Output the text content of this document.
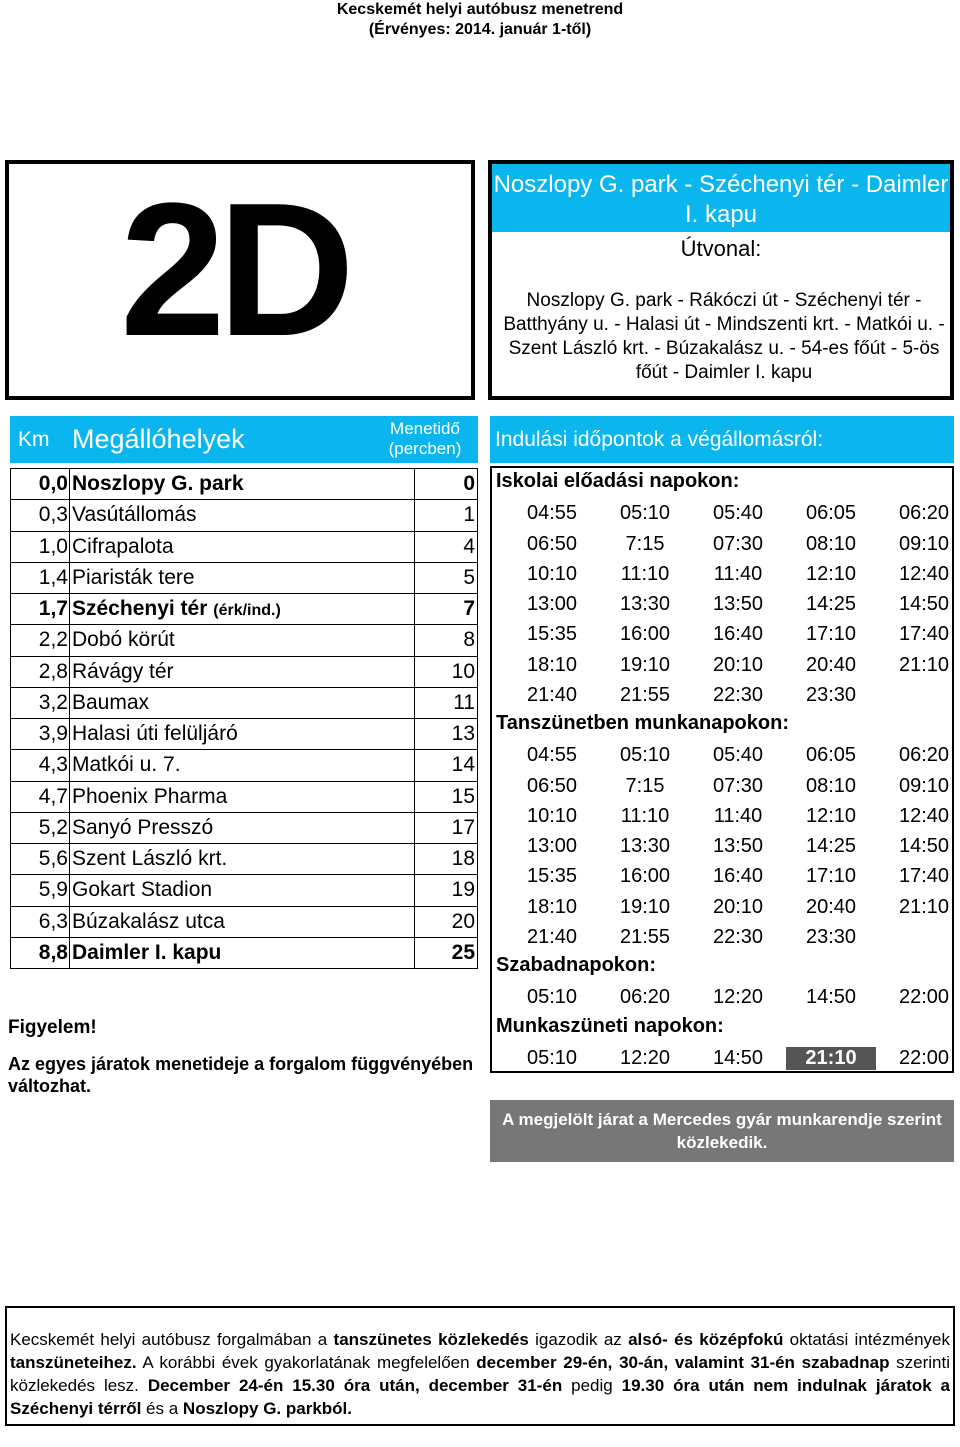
Kecskemét helyi autóbusz menetrend
(Érvényes: 2014. január 1-től)
2D	Noszlopy G. park - Széchenyi tér - Daimler I. kapu
Útvonal:
Noszlopy G. park - Rákóczi út - Széchenyi tér - Batthyány u. - Halasi út - Mindszenti krt. - Matkói u. - Szent László krt. - Búzakalász u. - 54-es főút - 5-ös főút - Daimler I. kapu
Km Megállóhelyek	Menetidő
(percben)	Indulási időpontok a végállomásról:
0,0	Noszlopy G. park	0
0,3	Vasútállomás	1
1,0	Cifrapalota	4
1,4	Piaristák tere	5
1,7	Széchenyi tér (érk/ind.)	7
2,2	Dobó körút	8
2,8	Rávágy tér	10
3,2	Baumax	11
3,9	Halasi úti felüljáró	13
4,3	Matkói u. 7.	14
4,7	Phoenix Pharma	15
5,2	Sanyó Presszó	17
5,6	Szent László krt.	18
5,9	Gokart Stadion	19
6,3	Búzakalász utca	20
8,8	Daimler I. kapu	25
Iskolai előadási napokon:
04:55	05:10	05:40	06:05	06:20
06:50	7:15	07:30	08:10	09:10
10:10	11:10	11:40	12:10	12:40
13:00	13:30	13:50	14:25	14:50
15:35	16:00	16:40	17:10	17:40
18:10	19:10	20:10	20:40	21:10
21:40	21:55	22:30	23:30
Tanszünetben munkanapokon:
04:55	05:10	05:40	06:05	06:20
06:50	7:15	07:30	08:10	09:10
10:10	11:10	11:40	12:10	12:40
13:00	13:30	13:50	14:25	14:50
15:35	16:00	16:40	17:10	17:40
18:10	19:10	20:10	20:40	21:10
21:40	21:55	22:30	23:30
Szabadnapokon:
05:10	06:20	12:20	14:50	22:00
Munkaszüneti napokon:
05:10	12:20	14:50	21:10	22:00
Figyelem!
Az egyes járatok menetideje a forgalom függvényében változhat.
A megjelölt járat a Mercedes gyár munkarendje szerint közlekedik.
Kecskemét helyi autóbusz forgalmában a tanszünetes közlekedés igazodik az alsó- és középfokú oktatási intézmények tanszüneteihez. A korábbi évek gyakorlatának megfelelően december 29-én, 30-án, valamint 31-én szabadnap szerinti közlekedés lesz. December 24-én 15.30 óra után, december 31-én pedig 19.30 óra után nem indulnak járatok a Széchenyi térről és a Noszlopy G. parkból.
